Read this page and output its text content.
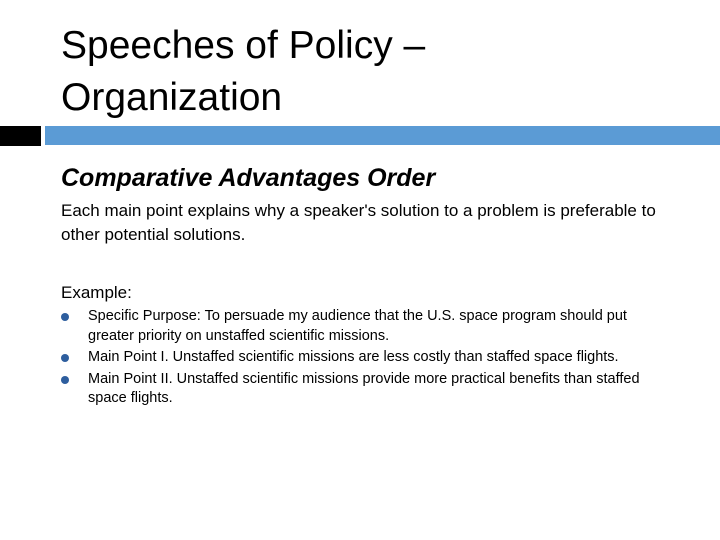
Speeches of Policy –
Organization
Comparative Advantages Order

Each main point explains why a speaker's solution to a problem is preferable to other potential solutions.

Example:

Specific Purpose: To persuade my audience that the U.S. space program should put greater priority on unstaffed scientific missions.
Main Point I. Unstaffed scientific missions are less costly than staffed space flights.
Main Point II. Unstaffed scientific missions provide more practical benefits than staffed space flights.
